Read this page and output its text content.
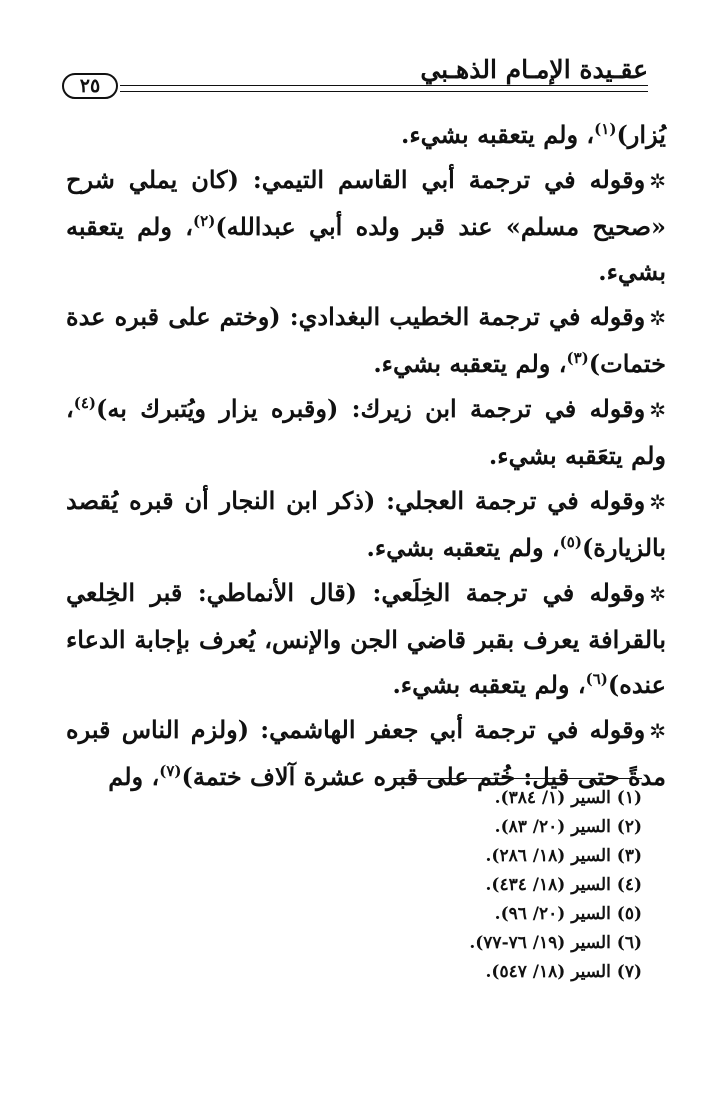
عقـيدة الإمـام الذهـبي
٢٥

يُزار)$^{(١)}$، ولم يتعقبه بشيء.

✲وقوله في ترجمة أبي القاسم التيمي: (كان يملي شرح «صحيح مسلم» عند قبر ولده أبي عبدالله)$^{(٢)}$، ولم يتعقبه بشيء.

✲وقوله في ترجمة الخطيب البغدادي: (وختم على قبره عدة ختمات)$^{(٣)}$، ولم يتعقبه بشيء.

✲وقوله في ترجمة ابن زيرك: (وقبره يزار ويُتبرك به)$^{(٤)}$، ولم يتعَقبه بشيء.

✲وقوله في ترجمة العجلي: (ذكر ابن النجار أن قبره يُقصد بالزيارة)$^{(٥)}$، ولم يتعقبه بشيء.

✲وقوله في ترجمة الخِلَعي: (قال الأنماطي: قبر الخِلعي بالقرافة يعرف بقبر قاضي الجن والإنس، يُعرف بإجابة الدعاء عنده)$^{(٦)}$، ولم يتعقبه بشيء.

✲وقوله في ترجمة أبي جعفر الهاشمي: (ولزم الناس قبره مدةً حتى قيل: خُتم على قبره عشرة آلاف ختمة)$^{(٧)}$، ولم

(١) السير (١/ ٣٨٤).
(٢) السير (٢٠/ ٨٣).
(٣) السير (١٨/ ٢٨٦).
(٤) السير (١٨/ ٤٣٤).
(٥) السير (٢٠/ ٩٦).
(٦) السير (١٩/ ٧٦-٧٧).
(٧) السير (١٨/ ٥٤٧).
